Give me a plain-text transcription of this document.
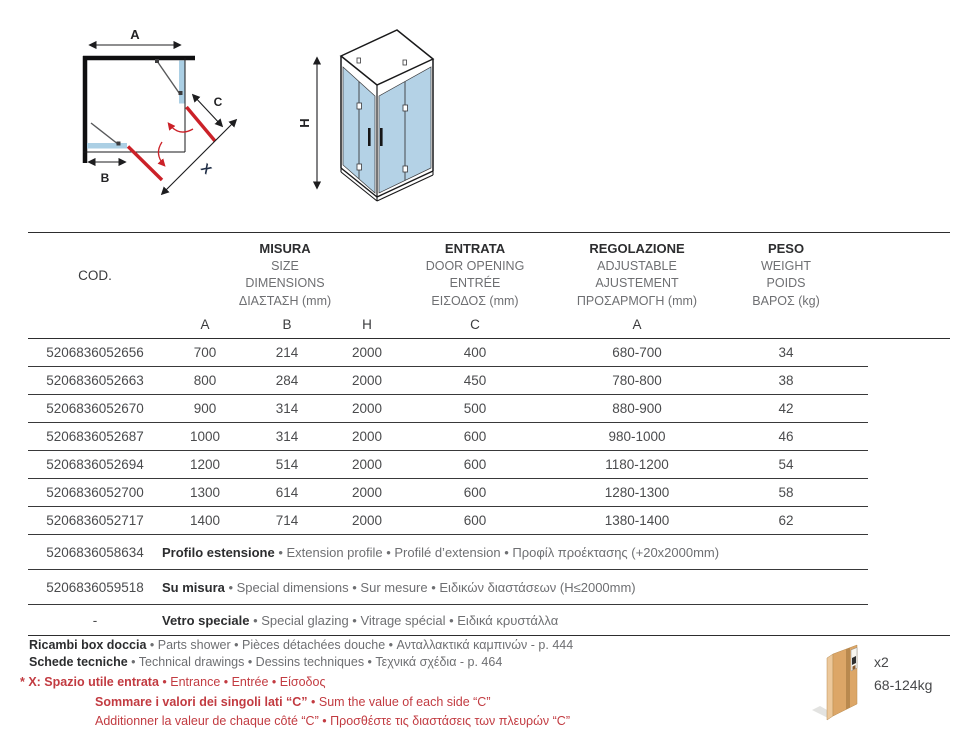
A
C
X
B
H
COD.
MISURA
SIZE
DIMENSIONS
ΔΙΑΣΤΑΣΗ (mm)
ENTRATA
DOOR OPENING
ENTRÉE
ΕΙΣΟΔΟΣ (mm)
REGOLAZIONE
ADJUSTABLE
AJUSTEMENT
ΠΡΟΣΑΡΜΟΓΗ (mm)
PESO
WEIGHT
POIDS
ΒΑΡΟΣ (kg)
A	B	H	C	A
5206836052656	700	214	2000	400	680-700	34
5206836052663	800	284	2000	450	780-800	38
5206836052670	900	314	2000	500	880-900	42
5206836052687	1000	314	2000	600	980-1000	46
5206836052694	1200	514	2000	600	1180-1200	54
5206836052700	1300	614	2000	600	1280-1300	58
5206836052717	1400	714	2000	600	1380-1400	62
5206836058634	Profilo estensione • Extension profile • Profilé d’extension • Προφίλ προέκτασης (+20x2000mm)
5206836059518	Su misura • Special dimensions • Sur mesure • Ειδικών διαστάσεων (H≤2000mm)
-	Vetro speciale • Special glazing • Vitrage spécial • Ειδικά κρυστάλλα
Ricambi box doccia • Parts shower • Pièces détachées douche • Ανταλλακτικά καμπινών - p. 444
Schede tecniche • Technical drawings • Dessins techniques • Τεχνικά σχέδια - p. 464
* X: Spazio utile entrata • Entrance • Entrée • Είσοδος
Sommare i valori dei singoli lati “C” • Sum the value of each side “C”
Additionner la valeur de chaque côté “C” • Προσθέστε τις διαστάσεις των πλευρών “C”
x2
68-124kg
